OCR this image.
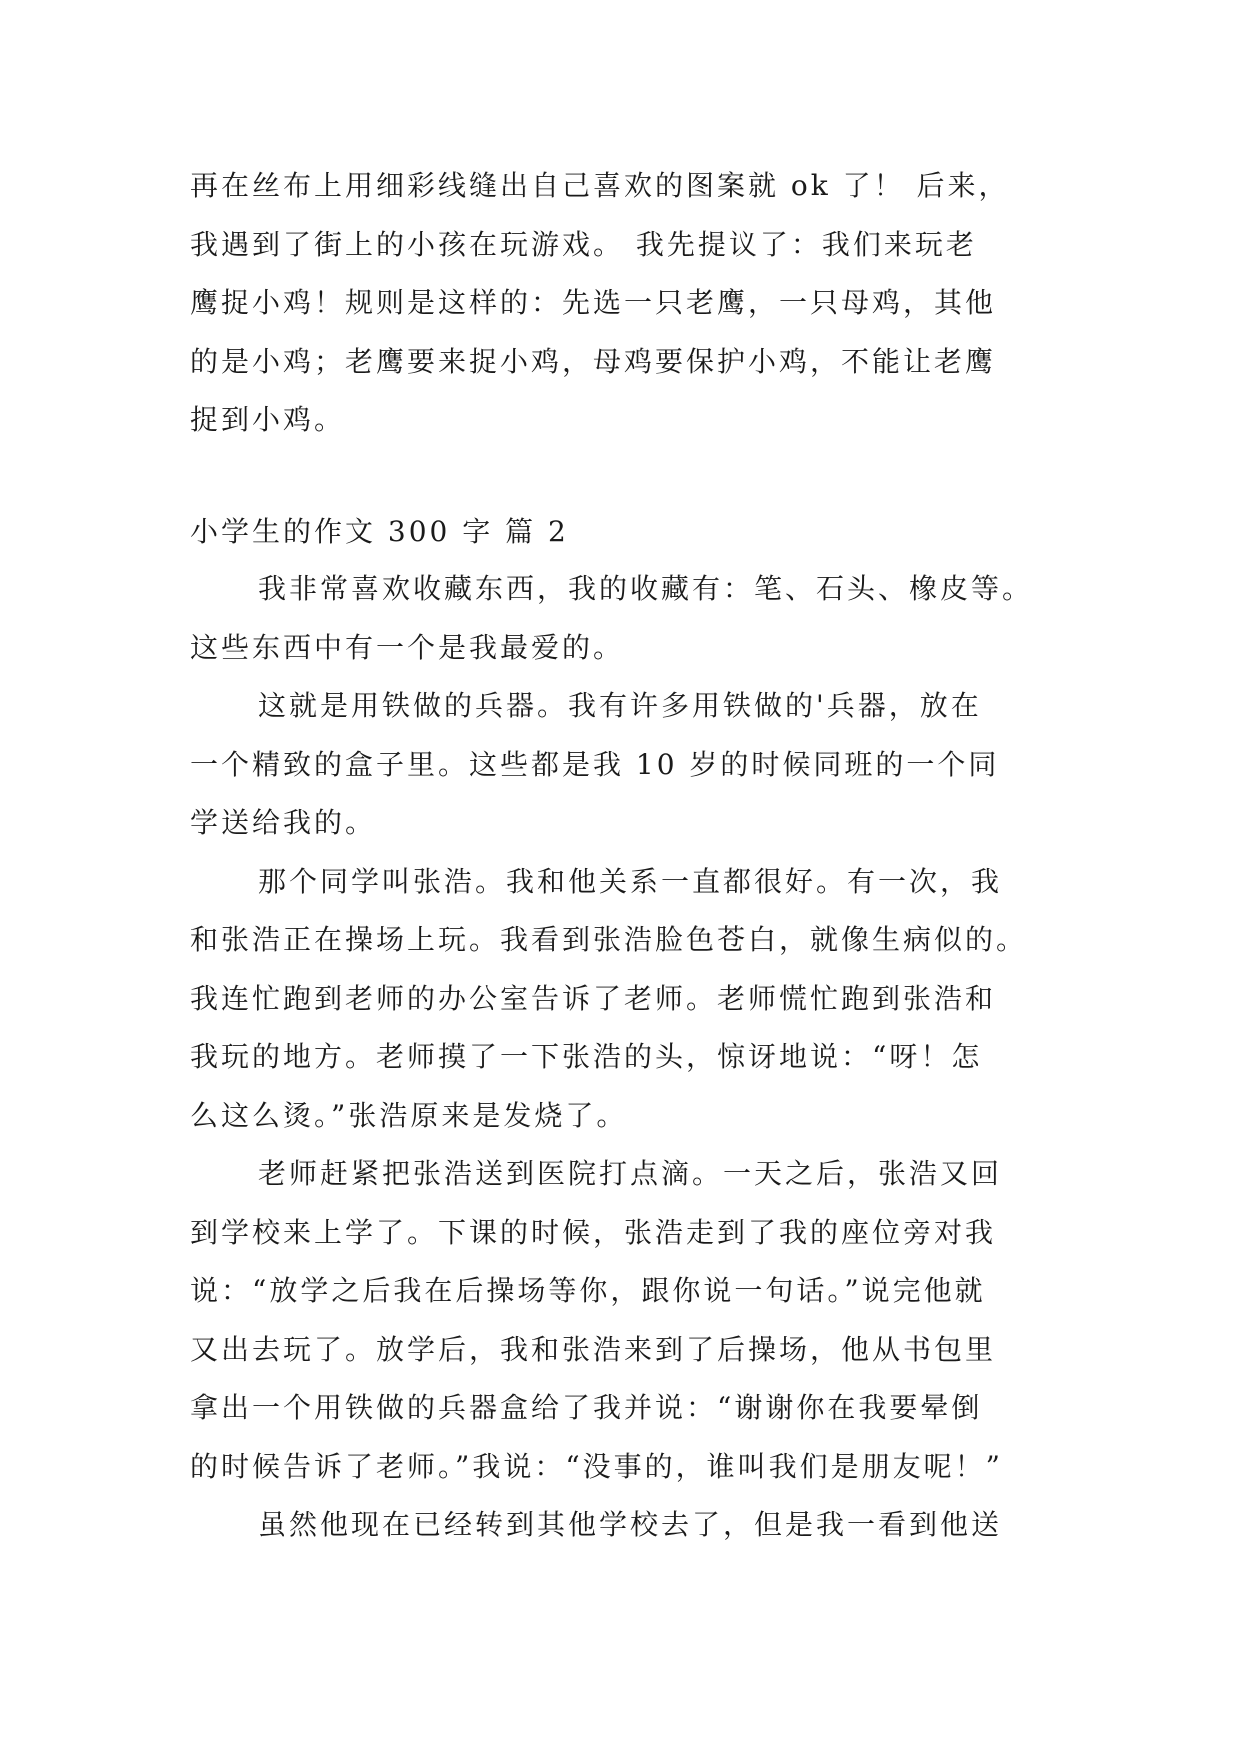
再在丝布上用细彩线缝出自己喜欢的图案就 ok 了！ 后来，
我遇到了街上的小孩在玩游戏。 我先提议了：我们来玩老
鹰捉小鸡！规则是这样的：先选一只老鹰，一只母鸡，其他
的是小鸡；老鹰要来捉小鸡，母鸡要保护小鸡，不能让老鹰
捉到小鸡。
小学生的作文 300 字 篇 2
我非常喜欢收藏东西，我的收藏有：笔、石头、橡皮等。
这些东西中有一个是我最爱的。
这就是用铁做的兵器。我有许多用铁做的'兵器，放在
一个精致的盒子里。这些都是我 10 岁的时候同班的一个同
学送给我的。
那个同学叫张浩。我和他关系一直都很好。有一次，我
和张浩正在操场上玩。我看到张浩脸色苍白，就像生病似的。
我连忙跑到老师的办公室告诉了老师。老师慌忙跑到张浩和
我玩的地方。老师摸了一下张浩的头，惊讶地说：“呀！怎
么这么烫。”张浩原来是发烧了。
老师赶紧把张浩送到医院打点滴。一天之后，张浩又回
到学校来上学了。下课的时候，张浩走到了我的座位旁对我
说：“放学之后我在后操场等你，跟你说一句话。”说完他就
又出去玩了。放学后，我和张浩来到了后操场，他从书包里
拿出一个用铁做的兵器盒给了我并说：“谢谢你在我要晕倒
的时候告诉了老师。”我说：“没事的，谁叫我们是朋友呢！”
虽然他现在已经转到其他学校去了，但是我一看到他送
